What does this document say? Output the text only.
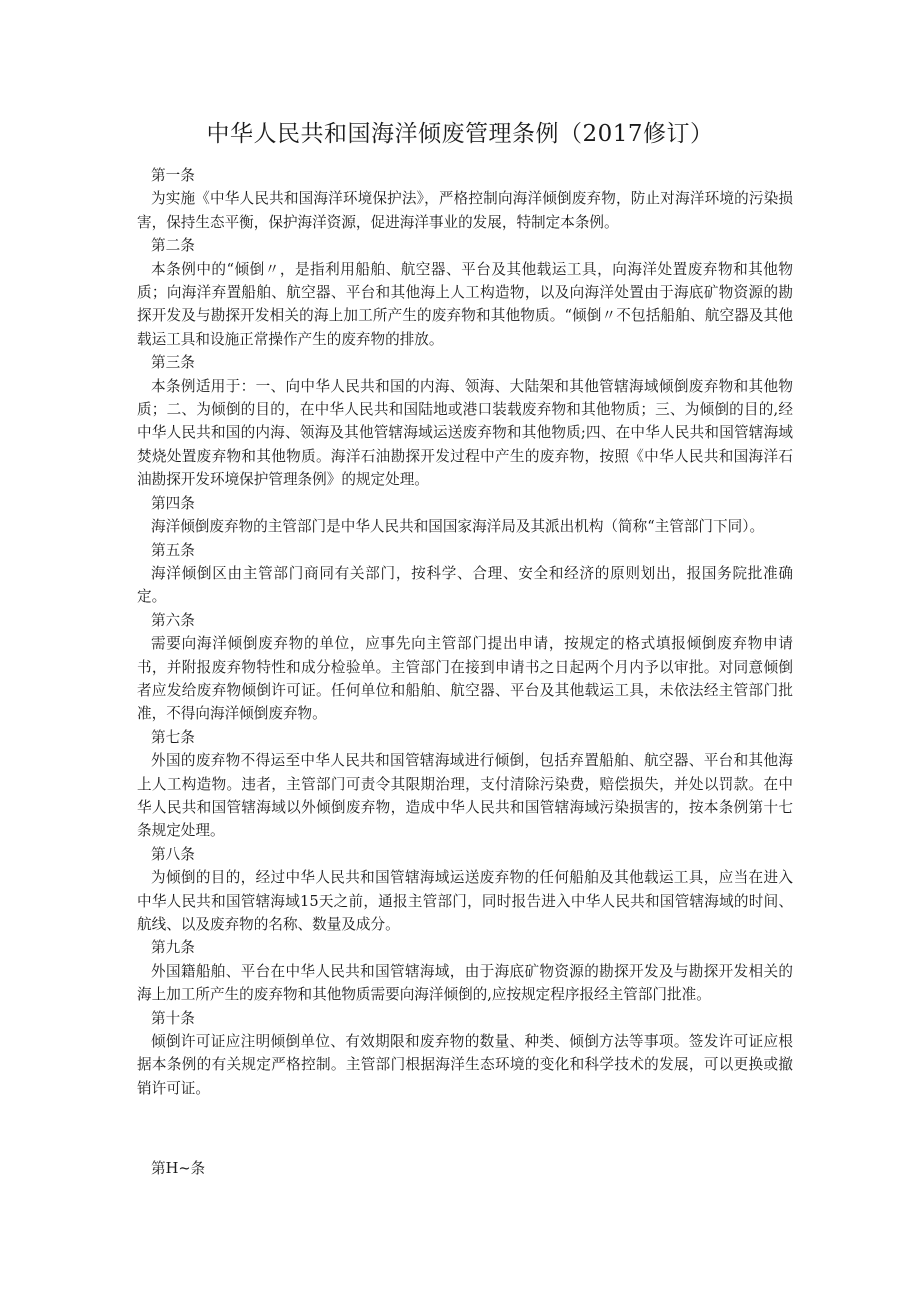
中华人民共和国海洋倾废管理条例（2017修订）
第一条
为实施《中华人民共和国海洋环境保护法》，严格控制向海洋倾倒废弃物，防止对海洋环境的污染损害，保持生态平衡，保护海洋资源，促进海洋事业的发展，特制定本条例。
第二条
本条例中的“倾倒〃，是指利用船舶、航空器、平台及其他载运工具，向海洋处置废弃物和其他物质；向海洋弃置船舶、航空器、平台和其他海上人工构造物，以及向海洋处置由于海底矿物资源的勘探开发及与勘探开发相关的海上加工所产生的废弃物和其他物质。“倾倒〃不包括船舶、航空器及其他载运工具和设施正常操作产生的废弃物的排放。
第三条
本条例适用于：一、向中华人民共和国的内海、领海、大陆架和其他管辖海域倾倒废弃物和其他物质；二、为倾倒的目的，在中华人民共和国陆地或港口装载废弃物和其他物质；三、为倾倒的目的,经中华人民共和国的内海、领海及其他管辖海域运送废弃物和其他物质;四、在中华人民共和国管辖海域焚烧处置废弃物和其他物质。海洋石油勘探开发过程中产生的废弃物，按照《中华人民共和国海洋石油勘探开发环境保护管理条例》的规定处理。
第四条
海洋倾倒废弃物的主管部门是中华人民共和国国家海洋局及其派出机构（简称“主管部门下同）。
第五条
海洋倾倒区由主管部门商同有关部门，按科学、合理、安全和经济的原则划出，报国务院批准确定。
第六条
需要向海洋倾倒废弃物的单位，应事先向主管部门提出申请，按规定的格式填报倾倒废弃物申请书，并附报废弃物特性和成分检验单。主管部门在接到申请书之日起两个月内予以审批。对同意倾倒者应发给废弃物倾倒许可证。任何单位和船舶、航空器、平台及其他载运工具，未依法经主管部门批准，不得向海洋倾倒废弃物。
第七条
外国的废弃物不得运至中华人民共和国管辖海域进行倾倒，包括弃置船舶、航空器、平台和其他海上人工构造物。违者，主管部门可责令其限期治理，支付清除污染费，赔偿损失，并处以罚款。在中华人民共和国管辖海域以外倾倒废弃物，造成中华人民共和国管辖海域污染损害的，按本条例第十七条规定处理。
第八条
为倾倒的目的，经过中华人民共和国管辖海域运送废弃物的任何船舶及其他载运工具，应当在进入中华人民共和国管辖海域15天之前，通报主管部门，同时报告进入中华人民共和国管辖海域的时间、航线、以及废弃物的名称、数量及成分。
第九条
外国籍船舶、平台在中华人民共和国管辖海域，由于海底矿物资源的勘探开发及与勘探开发相关的海上加工所产生的废弃物和其他物质需要向海洋倾倒的,应按规定程序报经主管部门批准。
第十条
倾倒许可证应注明倾倒单位、有效期限和废弃物的数量、种类、倾倒方法等事项。签发许可证应根据本条例的有关规定严格控制。主管部门根据海洋生态环境的变化和科学技术的发展，可以更换或撤销许可证。
第H~条
